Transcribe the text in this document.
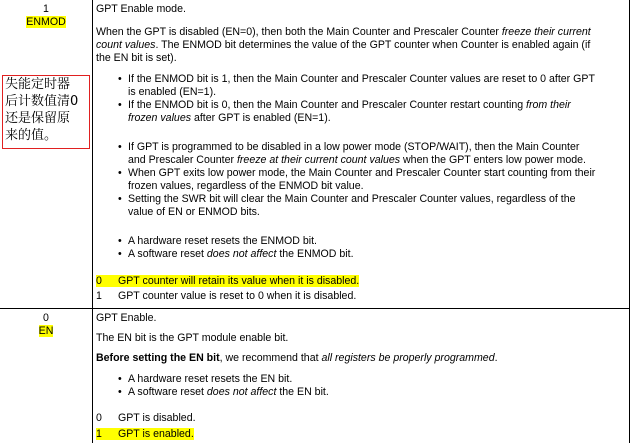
1
ENMOD
失能定时器
后计数值清0
还是保留原
来的值。
GPT Enable mode.
When the GPT is disabled (EN=0), then both the Main Counter and Prescaler Counter freeze their current
count values. The ENMOD bit determines the value of the GPT counter when Counter is enabled again (if
the EN bit is set).
• If the ENMOD bit is 1, then the Main Counter and Prescaler Counter values are reset to 0 after GPT
is enabled (EN=1).
• If the ENMOD bit is 0, then the Main Counter and Prescaler Counter restart counting from their
frozen values after GPT is enabled (EN=1).
• If GPT is programmed to be disabled in a low power mode (STOP/WAIT), then the Main Counter
and Prescaler Counter freeze at their current count values when the GPT enters low power mode.
• When GPT exits low power mode, the Main Counter and Prescaler Counter start counting from their
frozen values, regardless of the ENMOD bit value.
• Setting the SWR bit will clear the Main Counter and Prescaler Counter values, regardless of the
value of EN or ENMOD bits.
• A hardware reset resets the ENMOD bit.
• A software reset does not affect the ENMOD bit.
0 GPT counter will retain its value when it is disabled.
1 GPT counter value is reset to 0 when it is disabled.
0
EN
GPT Enable.
The EN bit is the GPT module enable bit.
Before setting the EN bit, we recommend that all registers be properly programmed.
• A hardware reset resets the EN bit.
• A software reset does not affect the EN bit.
0 GPT is disabled.
1 GPT is enabled.
